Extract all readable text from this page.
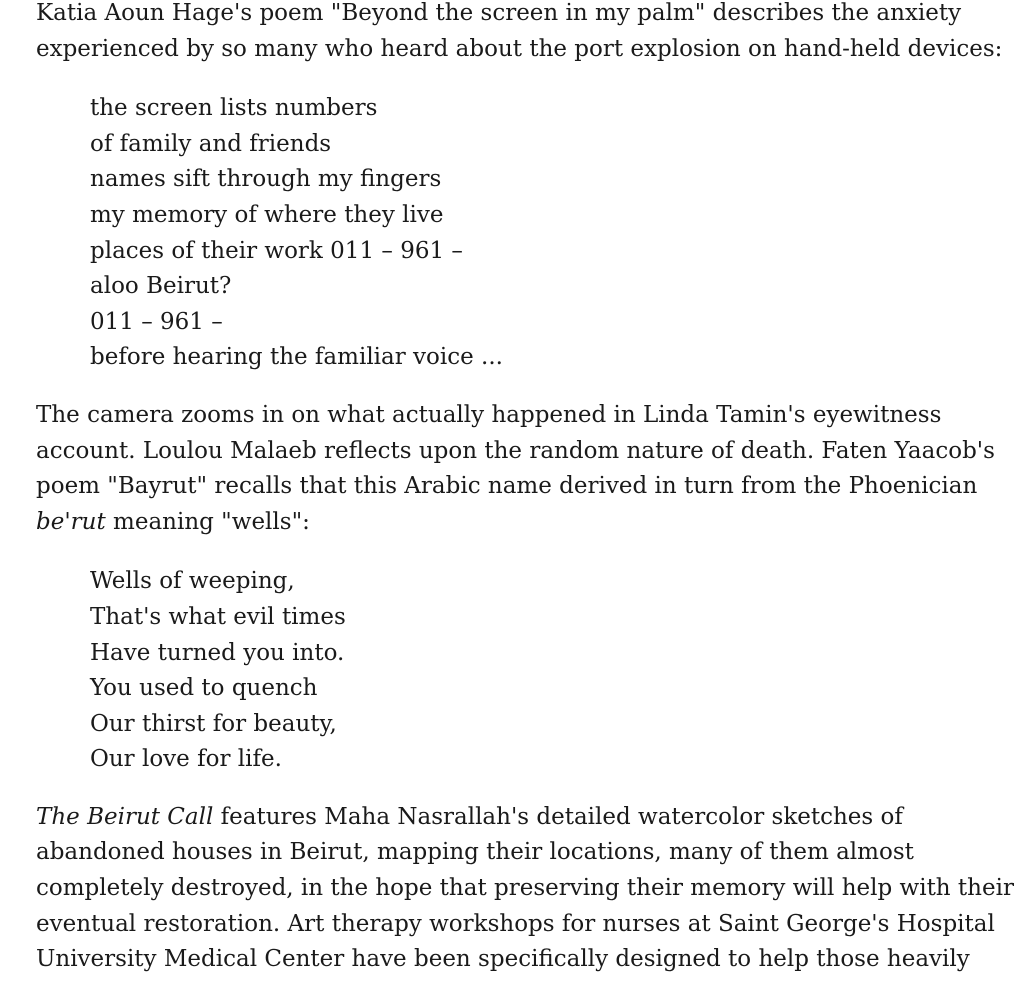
Katia Aoun Hage's poem "Beyond the screen in my palm" describes the anxiety
experienced by so many who heard about the port explosion on hand-held devices:

the screen lists numbers
of family and friends
names sift through my fingers
my memory of where they live
places of their work 011 – 961 –
aloo Beirut?
011 – 961 –
before hearing the familiar voice ...

The camera zooms in on what actually happened in Linda Tamin's eyewitness
account. Loulou Malaeb reflects upon the random nature of death. Faten Yaacob's
poem "Bayrut" recalls that this Arabic name derived in turn from the Phoenician
be'rut meaning "wells":

Wells of weeping,
That's what evil times
Have turned you into.
You used to quench
Our thirst for beauty,
Our love for life.

The Beirut Call features Maha Nasrallah's detailed watercolor sketches of
abandoned houses in Beirut, mapping their locations, many of them almost
completely destroyed, in the hope that preserving their memory will help with their
eventual restoration. Art therapy workshops for nurses at Saint George's Hospital
University Medical Center have been specifically designed to help those heavily
